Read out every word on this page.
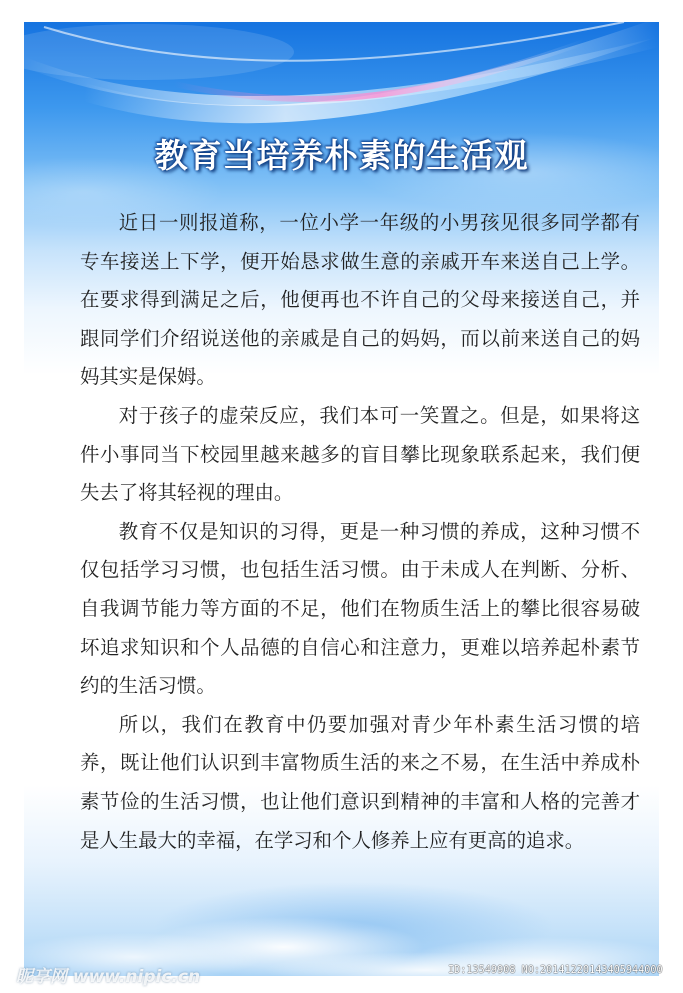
教育当培养朴素的生活观

近日一则报道称，一位小学一年级的小男孩见很多同学都有专车接送上下学，便开始恳求做生意的亲戚开车来送自己上学。在要求得到满足之后，他便再也不许自己的父母来接送自己，并跟同学们介绍说送他的亲戚是自己的妈妈，而以前来送自己的妈妈其实是保姆。

对于孩子的虚荣反应，我们本可一笑置之。但是，如果将这件小事同当下校园里越来越多的盲目攀比现象联系起来，我们便失去了将其轻视的理由。

教育不仅是知识的习得，更是一种习惯的养成，这种习惯不仅包括学习习惯，也包括生活习惯。由于未成人在判断、分析、自我调节能力等方面的不足，他们在物质生活上的攀比很容易破坏追求知识和个人品德的自信心和注意力，更难以培养起朴素节约的生活习惯。

所以，我们在教育中仍要加强对青少年朴素生活习惯的培养，既让他们认识到丰富物质生活的来之不易，在生活中养成朴素节俭的生活习惯，也让他们意识到精神的丰富和人格的完善才是人生最大的幸福，在学习和个人修养上应有更高的追求。

昵享网 www.nipic.cn	ID:13549908 NO:20141220143405944000
